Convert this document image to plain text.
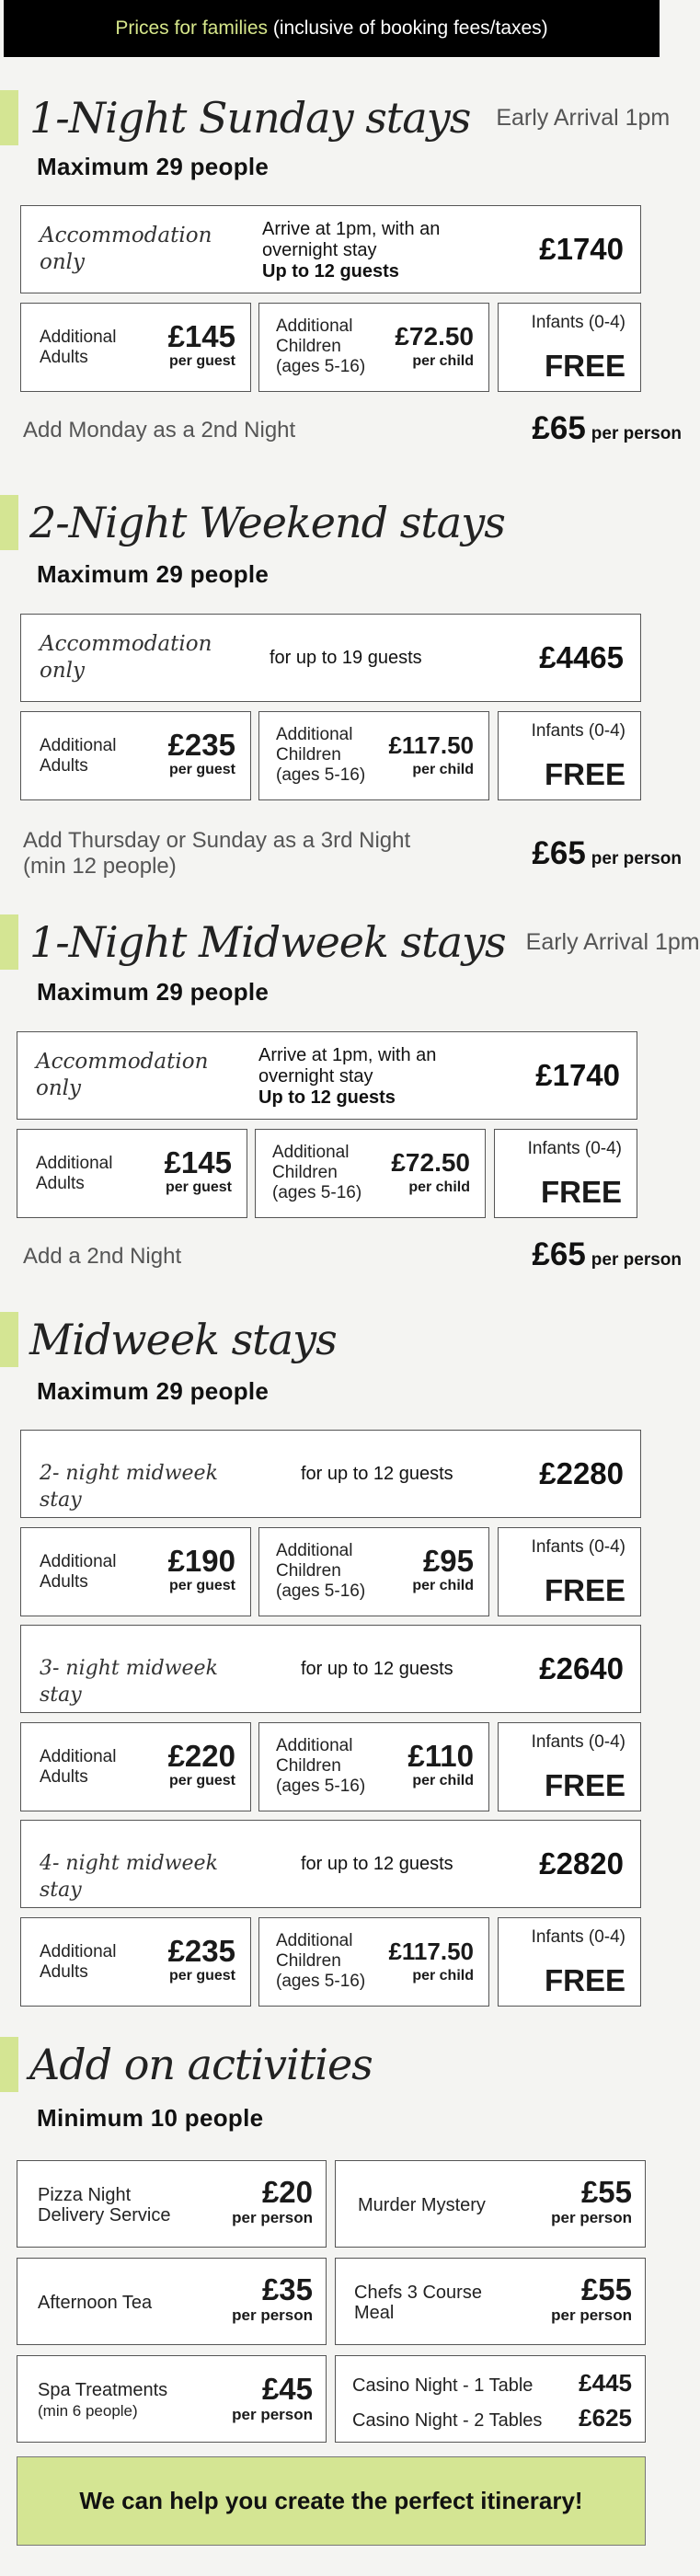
Prices for families (inclusive of booking fees/taxes)
1-Night Sunday stays Early Arrival 1pm
Maximum 29 people
Accommodation only
Arrive at 1pm, with an
overnight stay
Up to 12 guests
£1740
Additional Adults
£145
per guest
Additional Children (ages 5-16)
£72.50
per child
Infants (0-4)
FREE
Add Monday as a 2nd Night	£65 per person
2-Night Weekend stays
Maximum 29 people
Accommodation only
for up to 19 guests	£4465
Additional Adults
£235
per guest
Additional Children (ages 5-16)
£117.50
per child
Infants (0-4)
FREE
Add Thursday or Sunday as a 3rd Night (min 12 people)	£65 per person
1-Night Midweek stays Early Arrival 1pm
Maximum 29 people
Accommodation only
Arrive at 1pm, with an
overnight stay
Up to 12 guests
£1740
Additional Adults
£145
per guest
Additional Children (ages 5-16)
£72.50
per child
Infants (0-4)
FREE
Add a 2nd Night	£65 per person
Midweek stays
Maximum 29 people
2- night midweek stay
for up to 12 guests	£2280
Additional Adults
£190
per guest
Additional Children (ages 5-16)
£95
per child
Infants (0-4)
FREE
3- night midweek stay
for up to 12 guests	£2640
Additional Adults
£220
per guest
Additional Children (ages 5-16)
£110
per child
Infants (0-4)
FREE
4- night midweek stay
for up to 12 guests	£2820
Additional Adults
£235
per guest
Additional Children (ages 5-16)
£117.50
per child
Infants (0-4)
FREE
Add on activities
Minimum 10 people
Pizza Night Delivery Service
£20
per person
Murder Mystery	£55
per person
Afternoon Tea	£35
per person
Chefs 3 Course Meal
£55
per person
Spa Treatments
(min 6 people)
£45
per person
Casino Night - 1 Table £445
Casino Night - 2 Tables £625
We can help you create the perfect itinerary!
